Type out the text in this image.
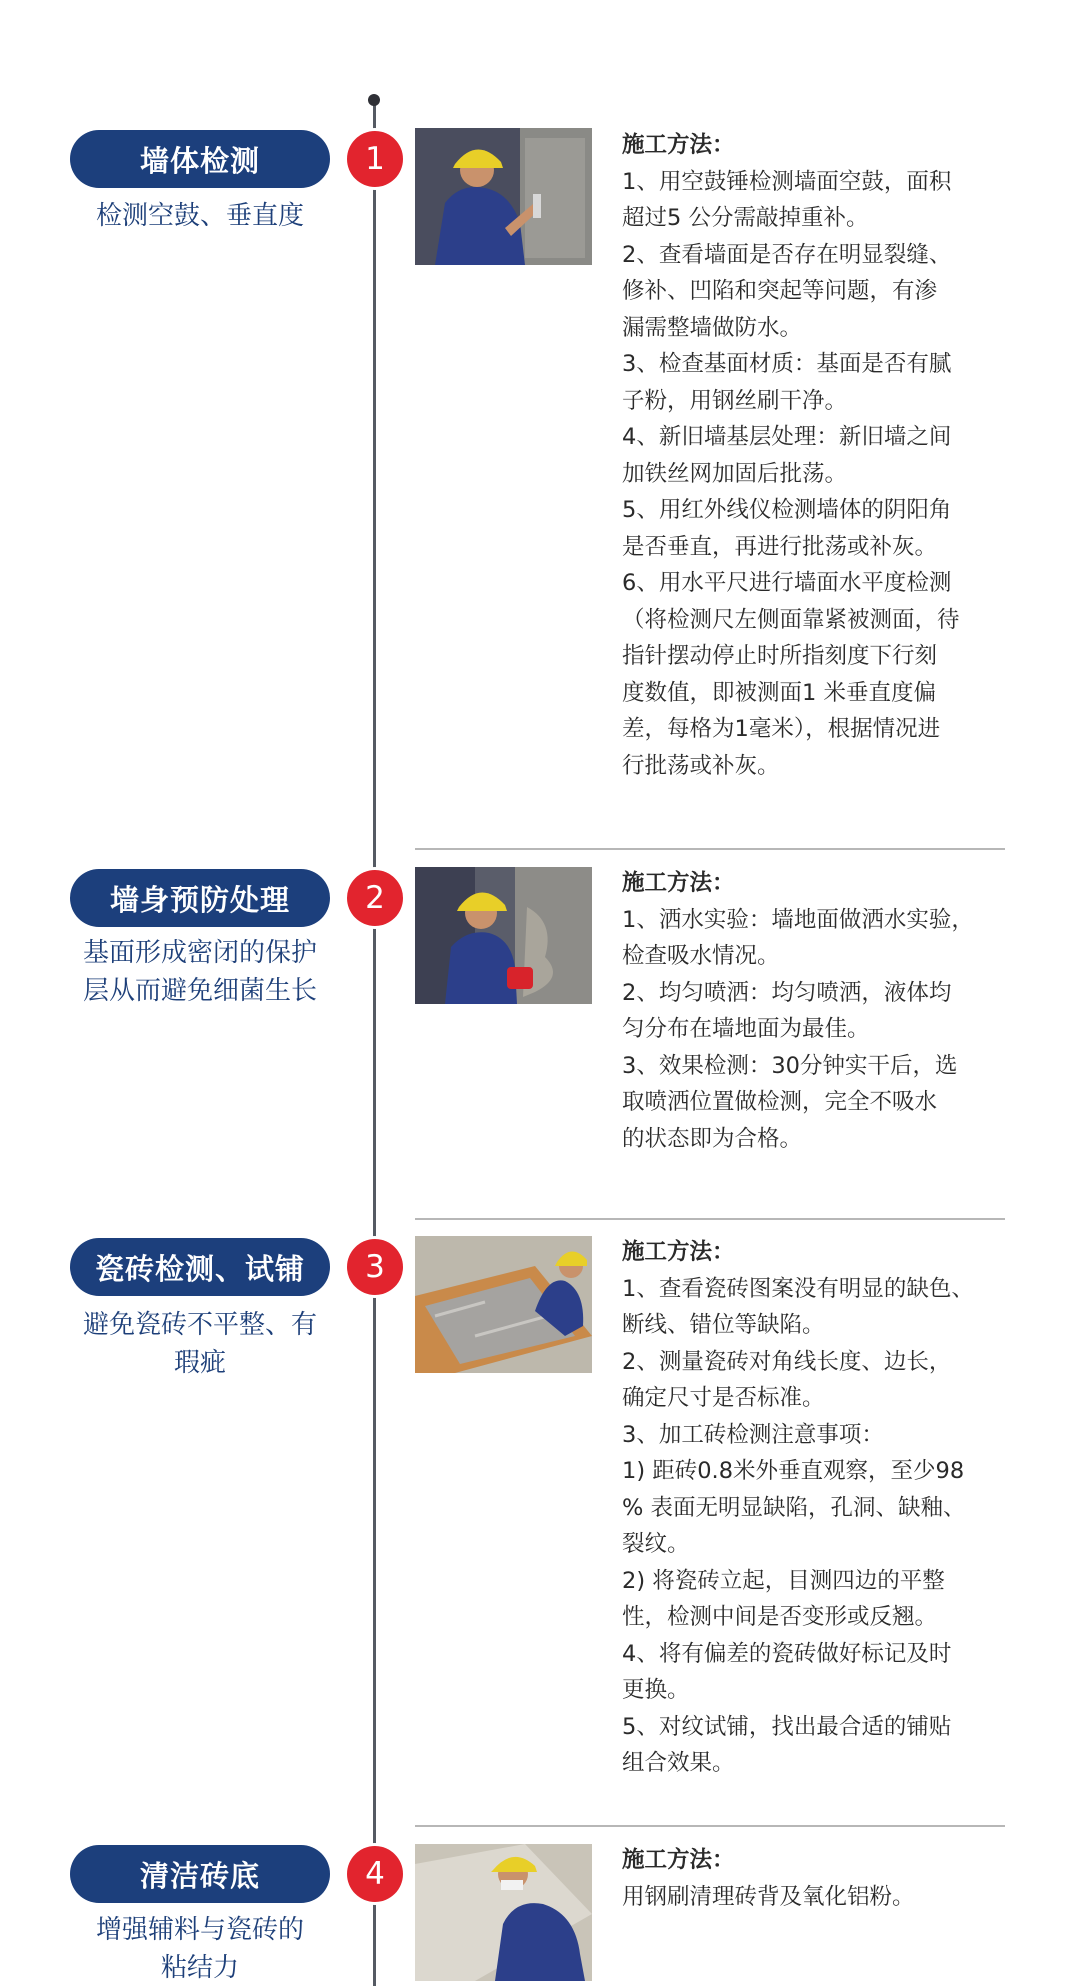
墙体检测
检测空鼓、垂直度
1	施工方法：
1、用空鼓锤检测墙面空鼓，面积
超过5 公分需敲掉重补。
2、查看墙面是否存在明显裂缝、
修补、凹陷和突起等问题，有渗
漏需整墙做防水。
3、检查基面材质：基面是否有腻
子粉，用钢丝刷干净。
4、新旧墙基层处理：新旧墙之间
加铁丝网加固后批荡。
5、用红外线仪检测墙体的阴阳角
是否垂直，再进行批荡或补灰。
6、用水平尺进行墙面水平度检测
（将检测尺左侧面靠紧被测面，待
指针摆动停止时所指刻度下行刻
度数值，即被测面1 米垂直度偏
差，每格为1毫米），根据情况进
行批荡或补灰。
墙身预防处理
基面形成密闭的保护
层从而避免细菌生长
2	施工方法：
1、洒水实验：墙地面做洒水实验，
检查吸水情况。
2、均匀喷洒：均匀喷洒，液体均
匀分布在墙地面为最佳。
3、效果检测：30分钟实干后，选
取喷洒位置做检测，完全不吸水
的状态即为合格。
瓷砖检测、试铺
避免瓷砖不平整、有
瑕疵
3	施工方法：
1、查看瓷砖图案没有明显的缺色、
断线、错位等缺陷。
2、测量瓷砖对角线长度、边长，
确定尺寸是否标准。
3、加工砖检测注意事项：
1) 距砖0.8米外垂直观察，至少98
% 表面无明显缺陷，孔洞、缺釉、
裂纹。
2) 将瓷砖立起，目测四边的平整
性，检测中间是否变形或反翘。
4、将有偏差的瓷砖做好标记及时
更换。
5、对纹试铺，找出最合适的铺贴
组合效果。
清洁砖底
增强辅料与瓷砖的
粘结力
4	施工方法：
用钢刷清理砖背及氧化铝粉。
